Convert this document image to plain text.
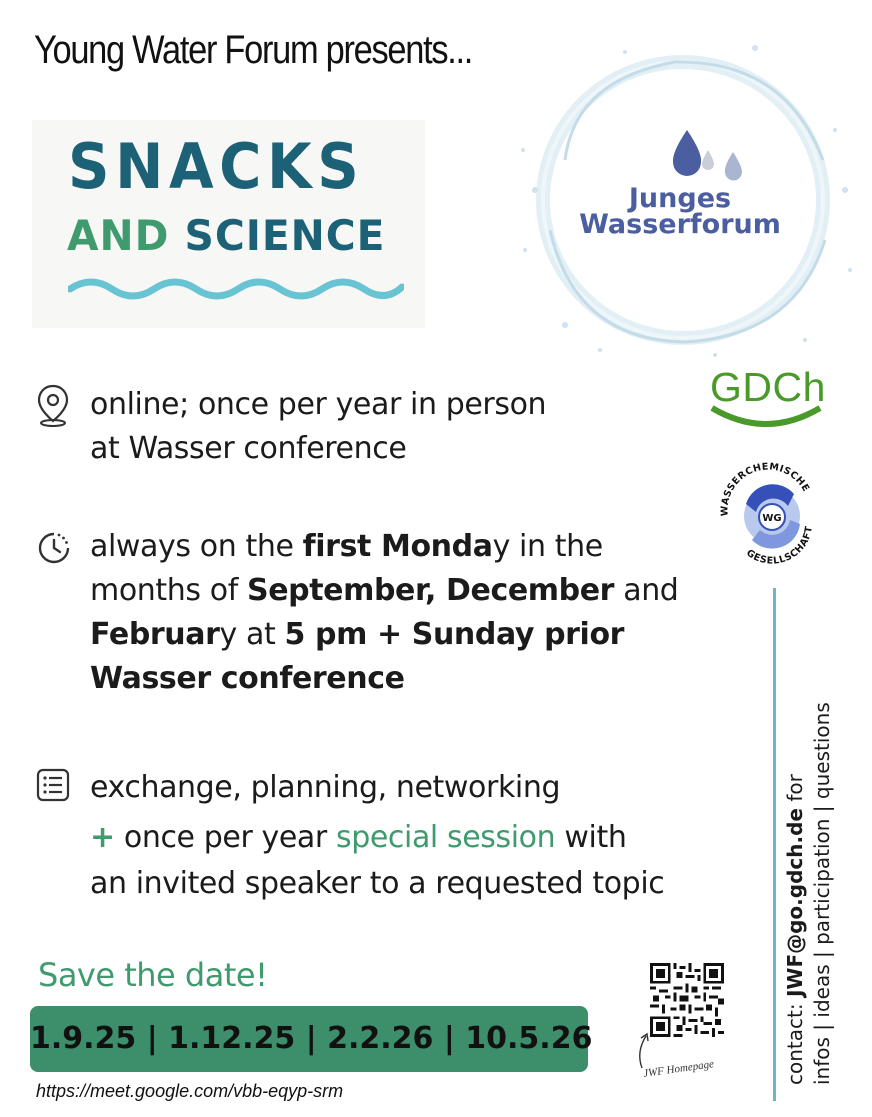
Young Water Forum presents...
SNACKS
AND SCIENCE
Junges
Wasserforum
GDCh
WASSERCHEMISCHE
GESELLSCHAFT
WG
online; once per year in person
at Wasser conference
always on the first Monday in the
months of September, December and
February at 5 pm + Sunday prior
Wasser conference
exchange, planning, networking
+ once per year special session with
an invited speaker to a requested topic
Save the date!
1.9.25 | 1.12.25 | 2.2.26 | 10.5.26
https://meet.google.com/vbb-eqyp-srm
JWF Homepage	contact: JWF@go.gdch.de for infos | ideas | participation | questions
